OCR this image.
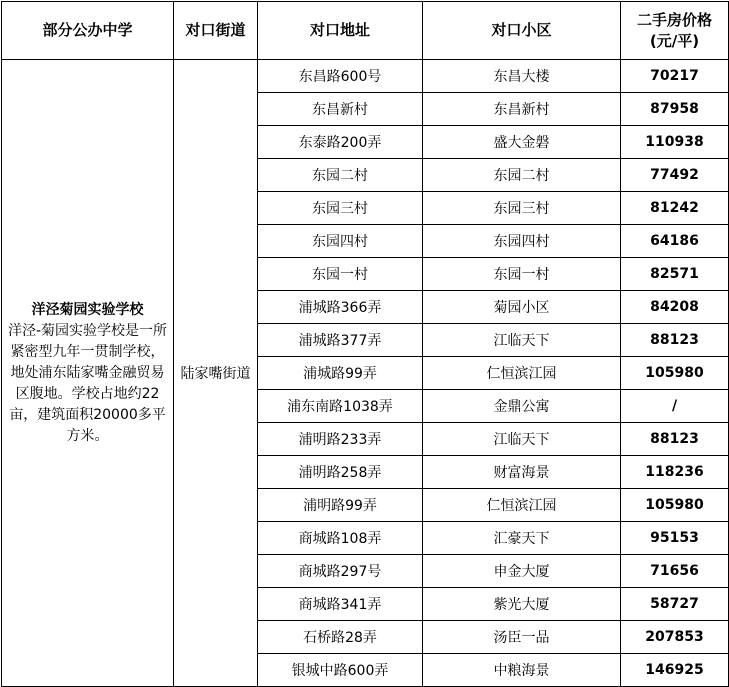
部分公办中学	对口街道	对口地址	对口小区	二手房价格
(元/平)

洋泾菊园实验学校
洋泾-菊园实验学校是一所紧密型九年一贯制学校，地处浦东陆家嘴金融贸易区腹地。学校占地约22亩，建筑面积20000多平方米。	陆家嘴街道	东昌路600号	东昌大楼	70217
		东昌新村	东昌新村	87958
		东泰路200弄	盛大金磐	110938
		东园二村	东园二村	77492
		东园三村	东园三村	81242
		东园四村	东园四村	64186
		东园一村	东园一村	82571
		浦城路366弄	菊园小区	84208
		浦城路377弄	江临天下	88123
		浦城路99弄	仁恒滨江园	105980
		浦东南路1038弄	金鼎公寓	/
		浦明路233弄	江临天下	88123
		浦明路258弄	财富海景	118236
		浦明路99弄	仁恒滨江园	105980
		商城路108弄	汇豪天下	95153
		商城路297号	申金大厦	71656
		商城路341弄	紫光大厦	58727
		石桥路28弄	汤臣一品	207853
		银城中路600弄	中粮海景	146925
